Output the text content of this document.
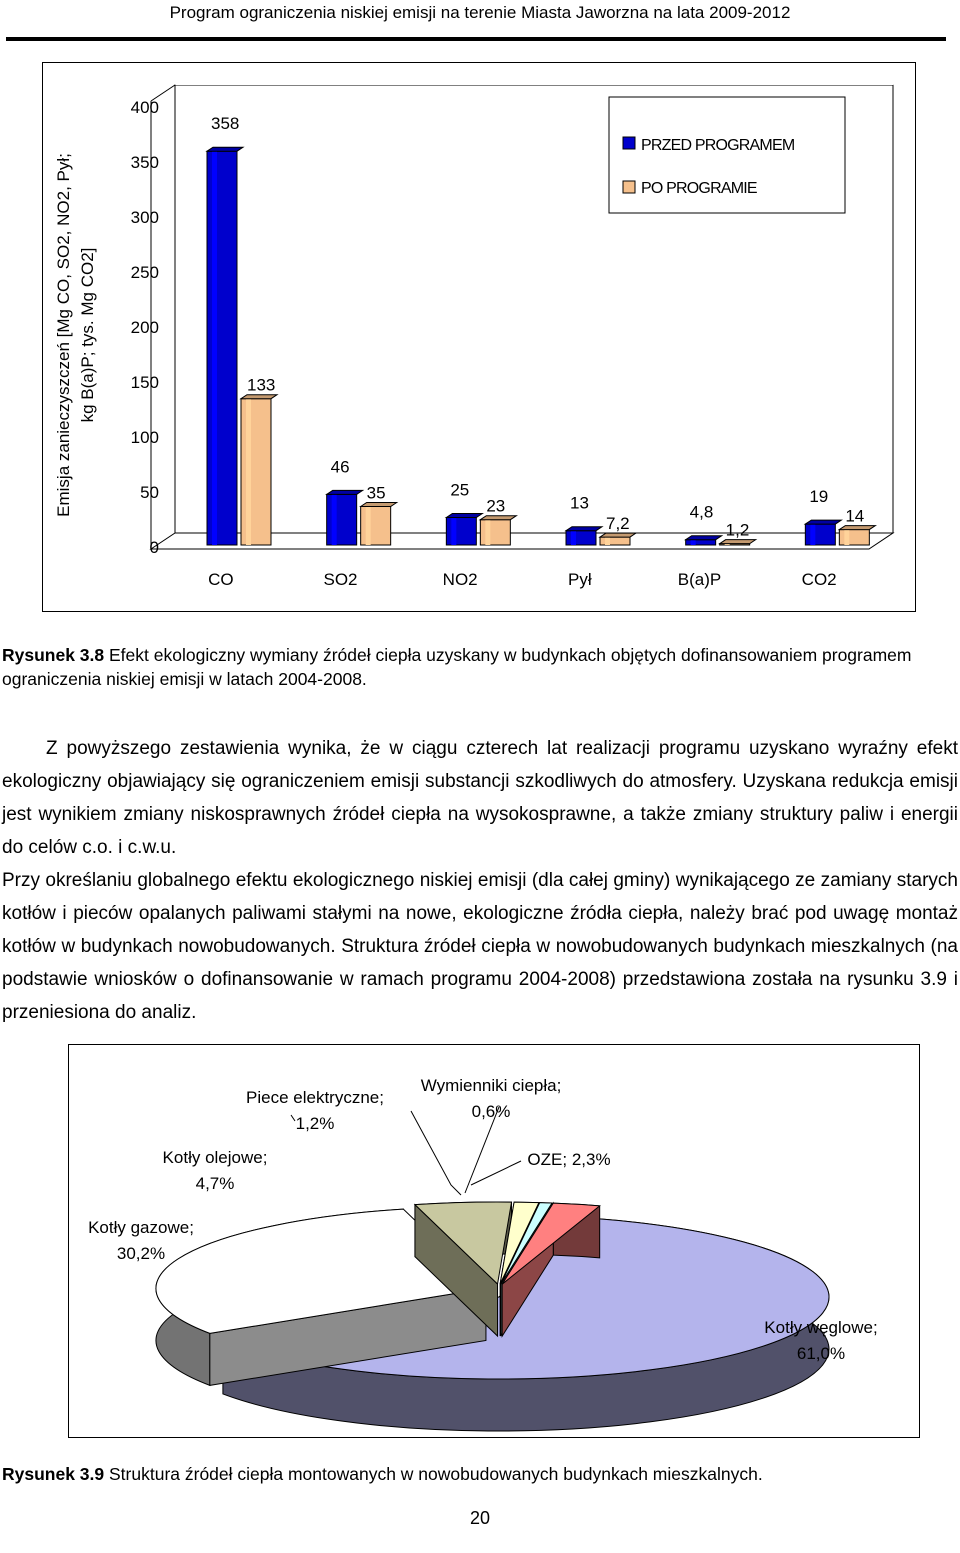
Program ograniczenia niskiej emisji na terenie Miasta Jaworzna na lata 2009-2012
400
350
300
250
200
150
100
50
0
358
133
46
35	25
23	13
7,2
4,8
1,2
19
14
CO	SO2	NO2	Pył	B(a)P	CO2
Emisja zanieczyszczeń [Mg CO, SO2, NO2, Pył; kg B(a)P; tys. Mg CO2]
PRZED PROGRAMEM
PO PROGRAMIE
Rysunek 3.8 Efekt ekologiczny wymiany źródeł ciepła uzyskany w budynkach objętych dofinansowaniem programem ograniczenia niskiej emisji w latach 2004-2008.

Z powyższego zestawienia wynika, że w ciągu czterech lat realizacji programu uzyskano wyraźny efekt ekologiczny objawiający się ograniczeniem emisji substancji szkodliwych do atmosfery. Uzyskana redukcja emisji jest wynikiem zmiany niskosprawnych źródeł ciepła na wysokosprawne, a także zmiany struktury paliw i energii do celów c.o. i c.w.u.

Przy określaniu globalnego efektu ekologicznego niskiej emisji (dla całej gminy) wynikającego ze zamiany starych kotłów i pieców opalanych paliwami stałymi na nowe, ekologiczne źródła ciepła, należy brać pod uwagę montaż kotłów w budynkach nowobudowanych. Struktura źródeł ciepła w nowobudowanych budynkach mieszkalnych (na podstawie wniosków o dofinansowanie w ramach programu 2004-2008) przedstawiona została na rysunku 3.9 i przeniesiona do analiz.

Kotły węglowe;
61,0%
Kotły gazowe;
30,2%
Kotły olejowe;
4,7%
Piece elektryczne;
1,2%
Wymienniki ciepła;
0,6%
OZE; 2,3%
Rysunek 3.9 Struktura źródeł ciepła montowanych w nowobudowanych budynkach mieszkalnych.
20
